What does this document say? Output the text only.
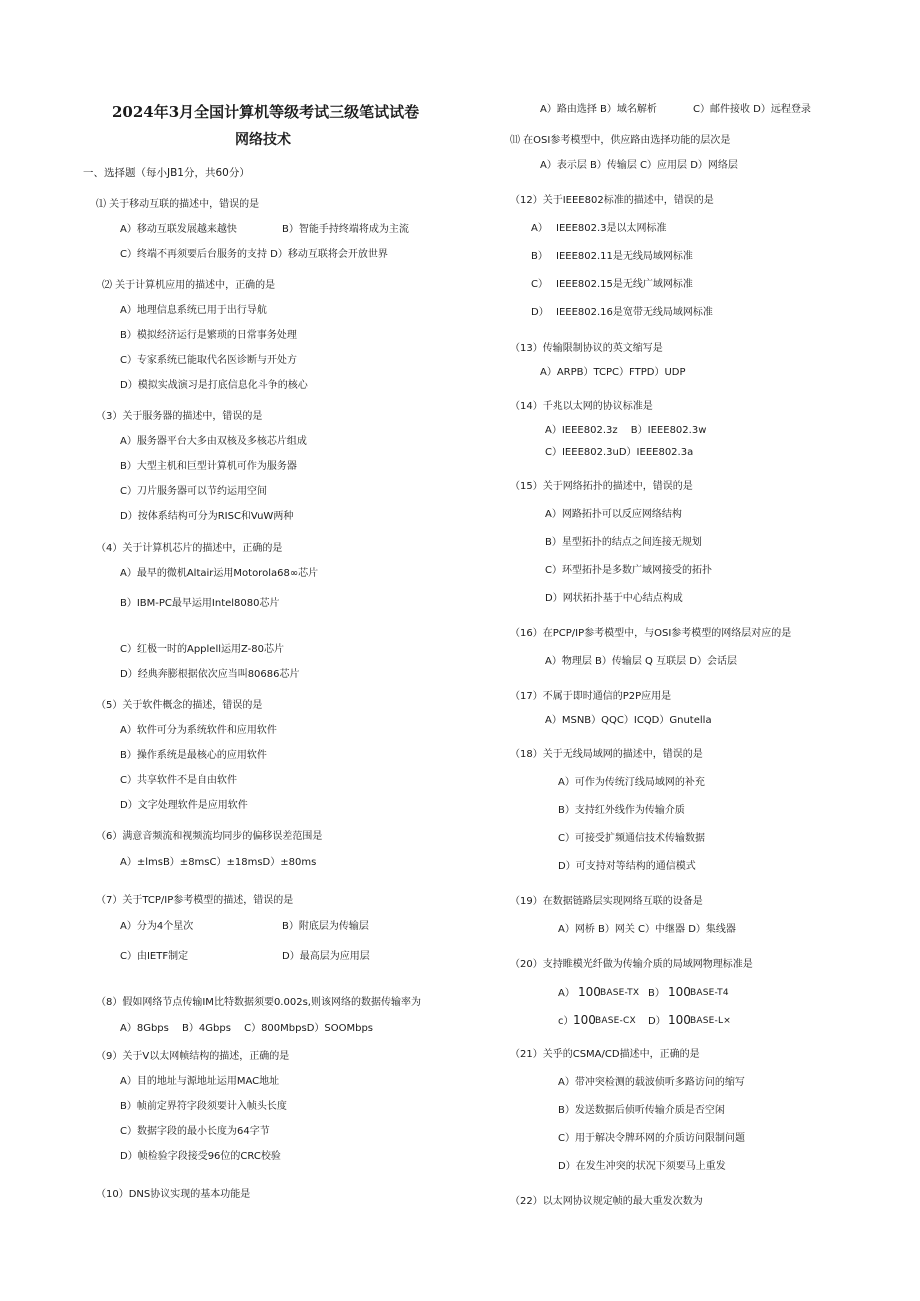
2024年3月全国计算机等级考试三级笔试试卷
网络技术
一、选择题（每小JB1分，共60分）
⑴ 关于移动互联的描述中，错误的是
A）移动互联发展越来越快	B）智能手持终端将成为主流
C）终端不再须要后台服务的支持 D）移动互联将会开放世界
⑵ 关于计算机应用的描述中，正确的是
A）地理信息系统已用于出行导航
B）模拟经济运行是繁琐的日常事务处理
C）专家系统已能取代名医诊断与开处方
D）模拟实战演习是打底信息化斗争的核心
（3）关于服务器的描述中，错误的是
A）服务器平台大多由双核及多核芯片组成
B）大型主机和巨型计算机可作为服务器
C）刀片服务器可以节约运用空间
D）按体系结构可分为RISC和VuW两种
（4）关于计算机芯片的描述中，正确的是
A）最早的微机Altair运用Motorola68∞芯片
B）IBM-PC最早运用Intel8080芯片
C）红极一时的Applell运用Z-80芯片
D）经典奔膨根据依次应当叫80686芯片
（5）关于软件概念的描述，错误的是
A）软件可分为系统软件和应用软件
B）操作系统是最核心的应用软件
C）共享软件不是自由软件
D）文字处理软件是应用软件
（6）满意音频流和视频流均同步的偏移误差范围是
A）±lmsB）±8msC）±18msD）±80ms
（7）关于TCP/IP参考模型的描述，错误的是
A）分为4个星次	B）附底层为传输层
C）由IETF制定	D）最高层为应用层
（8）假如网络节点传输IM比特数据须要0.002s,则该网络的数据传输率为
A）8Gbps　 B）4Gbps　 C）800MbpsD）SOOMbps
（9）关于V以太网帧结构的描述，正确的是
A）目的地址与源地址运用MAC地址
B）帧前定界符字段须要计入帧头长度
C）数据字段的最小长度为64字节
D）帧检验字段接受96位的CRC校验
（10）DNS协议实现的基本功能是
A）路由选择 B）域名解析	C）邮件接收 D）远程登录
⑾ 在OSI参考模型中，供应路由选择功能的层次是
A）表示层 B）传输层 C）应用层 D）网络层
（12）关于IEEE802标准的描述中，错误的是
A） IEEE802.3是以太网标准
B） IEEE802.11是无线局域网标准
C） IEEE802.15是无线广域网标准
D） IEEE802.16是宽带无线局域网标准
（13）传输限制协议的英文缩写是
A）ARPB）TCPC）FTPD）UDP
（14）千兆以太网的协议标准是
A）IEEE802.3z　 B）IEEE802.3w
C）IEEE802.3uD）IEEE802.3a
（15）关于网络拓扑的描述中，错误的是
A）网路拓扑可以反应网络结构
B）星型拓扑的结点之间连接无规划
C）环型拓扑是多数广域网接受的拓扑
D）网状拓扑基于中心结点构成
（16）在PCP/IP参考模型中，与OSI参考模型的网络层对应的是
A）物理层 B）传输层 Q 互联层 D）会话层
（17）不属于即时通信的P2P应用是
A）MSNB）QQC）ICQD）Gnutella
（18）关于无线局域网的描述中，错误的是
A）可作为传统汀线局域网的补充
B）支持红外线作为传输介质
C）可接受扩频通信技术传输数据
D）可支持对等结构的通信模式
（19）在数据链路层实现网络互联的设备是
A）网桥 B）网关 C）中继器 D）集线器
（20）支持睢模光纤做为传输介质的局域网物理标准是
A） 100 BASE-TX B） 100 BASE-T4
c） 100 BASE-CX D） 100 BASE-L×
（21）关乎的CSMA/CD描述中，正确的是
A）带冲突检测的载波侦听多路访问的缩写
B）发送数据后侦听传输介质是否空闲
C）用于解决令牌环网的介质访问限制问题
D）在发生冲突的状况下须要马上重发
（22）以太网协议规定帧的最大重发次数为
